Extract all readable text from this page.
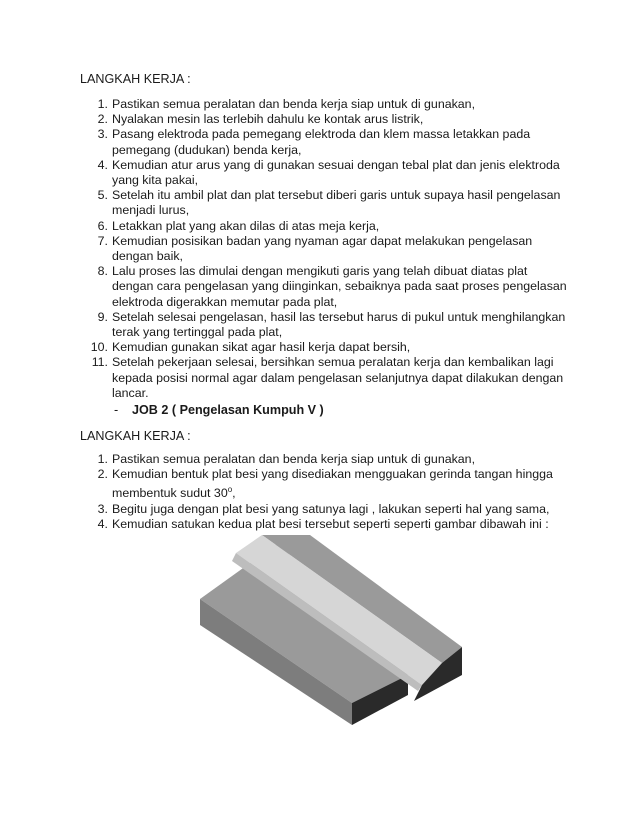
LANGKAH KERJA :
1. Pastikan semua peralatan dan benda kerja siap untuk di gunakan,
2. Nyalakan mesin las terlebih dahulu ke kontak arus listrik,
3. Pasang elektroda pada pemegang elektroda dan klem massa letakkan pada pemegang (dudukan) benda kerja,
4. Kemudian atur arus yang di gunakan sesuai dengan tebal plat dan jenis elektroda yang kita pakai,
5. Setelah itu ambil plat dan plat tersebut diberi garis untuk supaya hasil pengelasan menjadi lurus,
6. Letakkan plat yang akan dilas di atas meja kerja,
7. Kemudian posisikan badan yang nyaman agar dapat melakukan pengelasan dengan baik,
8. Lalu proses las dimulai dengan mengikuti garis yang telah dibuat diatas plat dengan cara pengelasan yang diinginkan, sebaiknya pada saat proses pengelasan elektroda digerakkan memutar pada plat,
9. Setelah selesai pengelasan, hasil las tersebut harus di pukul untuk menghilangkan terak yang tertinggal pada plat,
10. Kemudian gunakan sikat agar hasil kerja dapat bersih,
11. Setelah pekerjaan selesai, bersihkan semua peralatan kerja dan kembalikan lagi kepada posisi normal agar dalam pengelasan selanjutnya dapat dilakukan dengan lancar.
- JOB 2 ( Pengelasan Kumpuh V )
LANGKAH KERJA :
1. Pastikan semua peralatan dan benda kerja siap untuk di gunakan,
2. Kemudian bentuk plat besi yang disediakan mengguakan gerinda tangan hingga membentuk sudut 30$^o$,
3. Begitu juga dengan plat besi yang satunya lagi , lakukan seperti hal yang sama,
4. Kemudian satukan kedua plat besi tersebut seperti seperti gambar dibawah ini :
